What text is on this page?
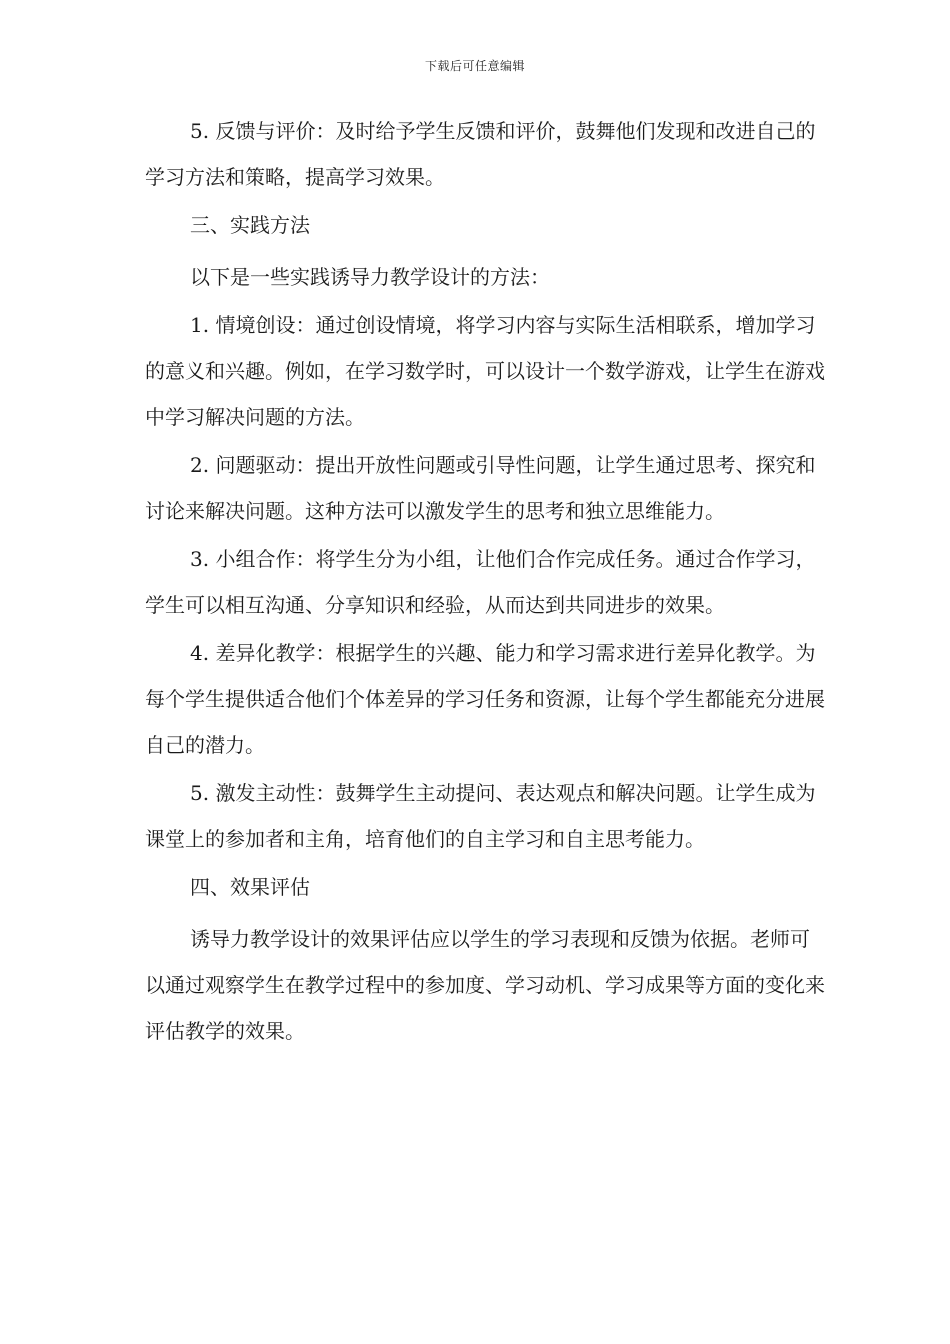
下载后可任意编辑

5. 反馈与评价：及时给予学生反馈和评价，鼓舞他们发现和改进自己的学习方法和策略，提高学习效果。

三、实践方法

以下是一些实践诱导力教学设计的方法：

1. 情境创设：通过创设情境，将学习内容与实际生活相联系，增加学习的意义和兴趣。例如，在学习数学时，可以设计一个数学游戏，让学生在游戏中学习解决问题的方法。

2. 问题驱动：提出开放性问题或引导性问题，让学生通过思考、探究和讨论来解决问题。这种方法可以激发学生的思考和独立思维能力。

3. 小组合作：将学生分为小组，让他们合作完成任务。通过合作学习，学生可以相互沟通、分享知识和经验，从而达到共同进步的效果。

4. 差异化教学：根据学生的兴趣、能力和学习需求进行差异化教学。为每个学生提供适合他们个体差异的学习任务和资源，让每个学生都能充分进展自己的潜力。

5. 激发主动性：鼓舞学生主动提问、表达观点和解决问题。让学生成为课堂上的参加者和主角，培育他们的自主学习和自主思考能力。

四、效果评估

诱导力教学设计的效果评估应以学生的学习表现和反馈为依据。老师可以通过观察学生在教学过程中的参加度、学习动机、学习成果等方面的变化来评估教学的效果。
